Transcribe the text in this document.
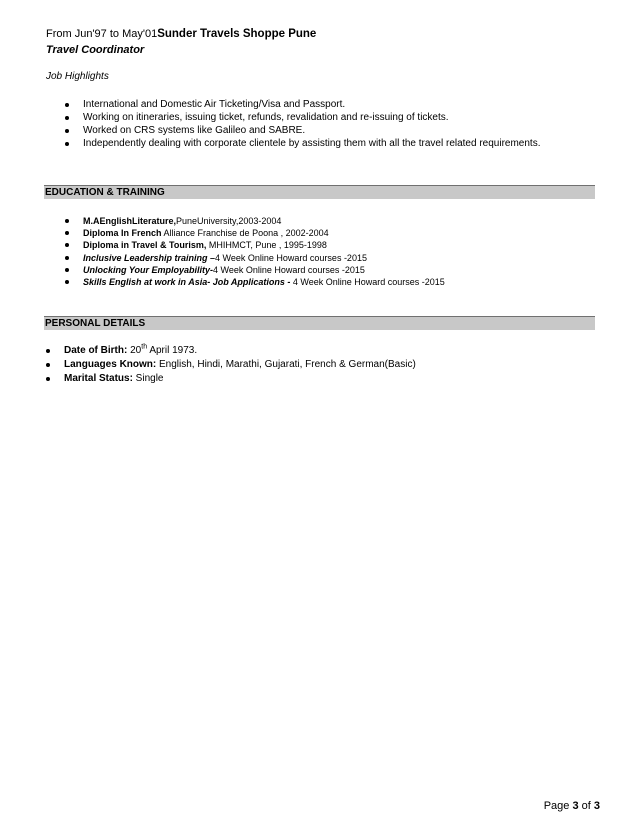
From Jun'97 to May'01Sunder Travels Shoppe Pune
Travel Coordinator
Job Highlights
International and Domestic Air Ticketing/Visa and Passport.
Working on itineraries, issuing ticket, refunds, revalidation and re-issuing of tickets.
Worked on CRS systems like Galileo and SABRE.
Independently dealing with corporate clientele by assisting them with all the travel related requirements.
EDUCATION & TRAINING
M.AEnglishLiterature,PuneUniversity,2003-2004
Diploma In French Alliance Franchise de Poona , 2002-2004
Diploma in Travel & Tourism, MHIHMCT, Pune , 1995-1998
Inclusive Leadership training –4 Week Online Howard courses -2015
Unlocking Your Employability-4 Week Online Howard courses -2015
Skills English at work in Asia- Job Applications - 4 Week Online Howard courses -2015
PERSONAL DETAILS
Date of Birth: 20th April 1973.
Languages Known: English, Hindi, Marathi, Gujarati, French & German(Basic)
Marital Status: Single
Page 3 of 3
